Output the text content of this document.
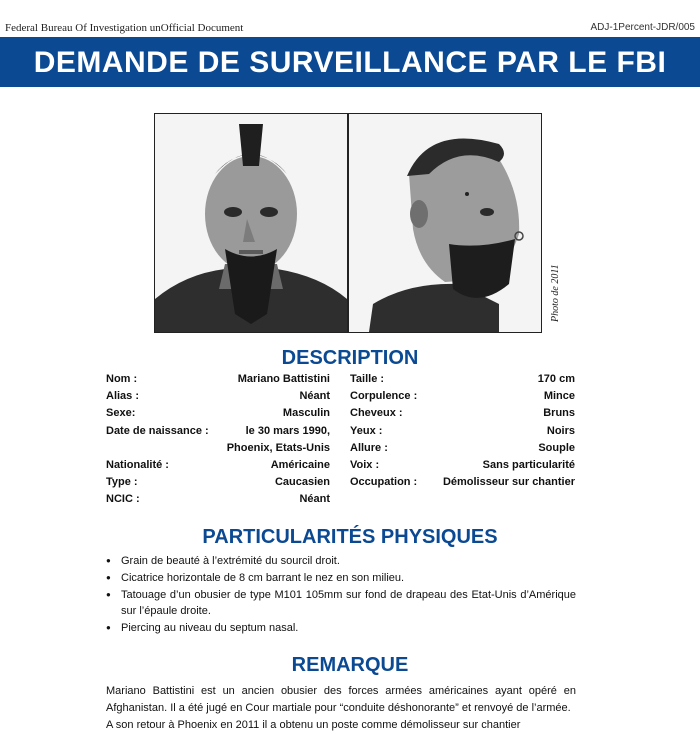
Federal Bureau Of Investigation unOfficial Document	ADJ-1Percent-JDR/005
DEMANDE DE SURVEILLANCE PAR LE FBI
Photo de 2011
DESCRIPTION
Nom :	Mariano Battistini
Alias :	Néant
Sexe:	Masculin
Date de naissance :	le 30 mars 1990,
Phoenix, Etats-Unis
Nationalité :	Américaine
Type :	Caucasien
NCIC :	Néant
Taille :	170 cm
Corpulence :	Mince
Cheveux :	Bruns
Yeux :	Noirs
Allure :	Souple
Voix :	Sans particularité
Occupation : Démolisseur sur chantier
PARTICULARITÉS PHYSIQUES
● Grain de beauté à l’extrémité du sourcil droit.
● Cicatrice horizontale de 8 cm barrant le nez en son milieu.
● Tatouage d’un obusier de type M101 105mm sur fond de drapeau des Etat-Unis d’Amérique sur l’épaule droite.
● Piercing au niveau du septum nasal.
REMARQUE

Mariano Battistini est un ancien obusier des forces armées américaines ayant opéré en Afghanistan. Il a été jugé en Cour martiale pour “conduite déshonorante” et renvoyé de l’armée.

A son retour à Phoenix en 2011 il a obtenu un poste comme démolisseur sur chantier
